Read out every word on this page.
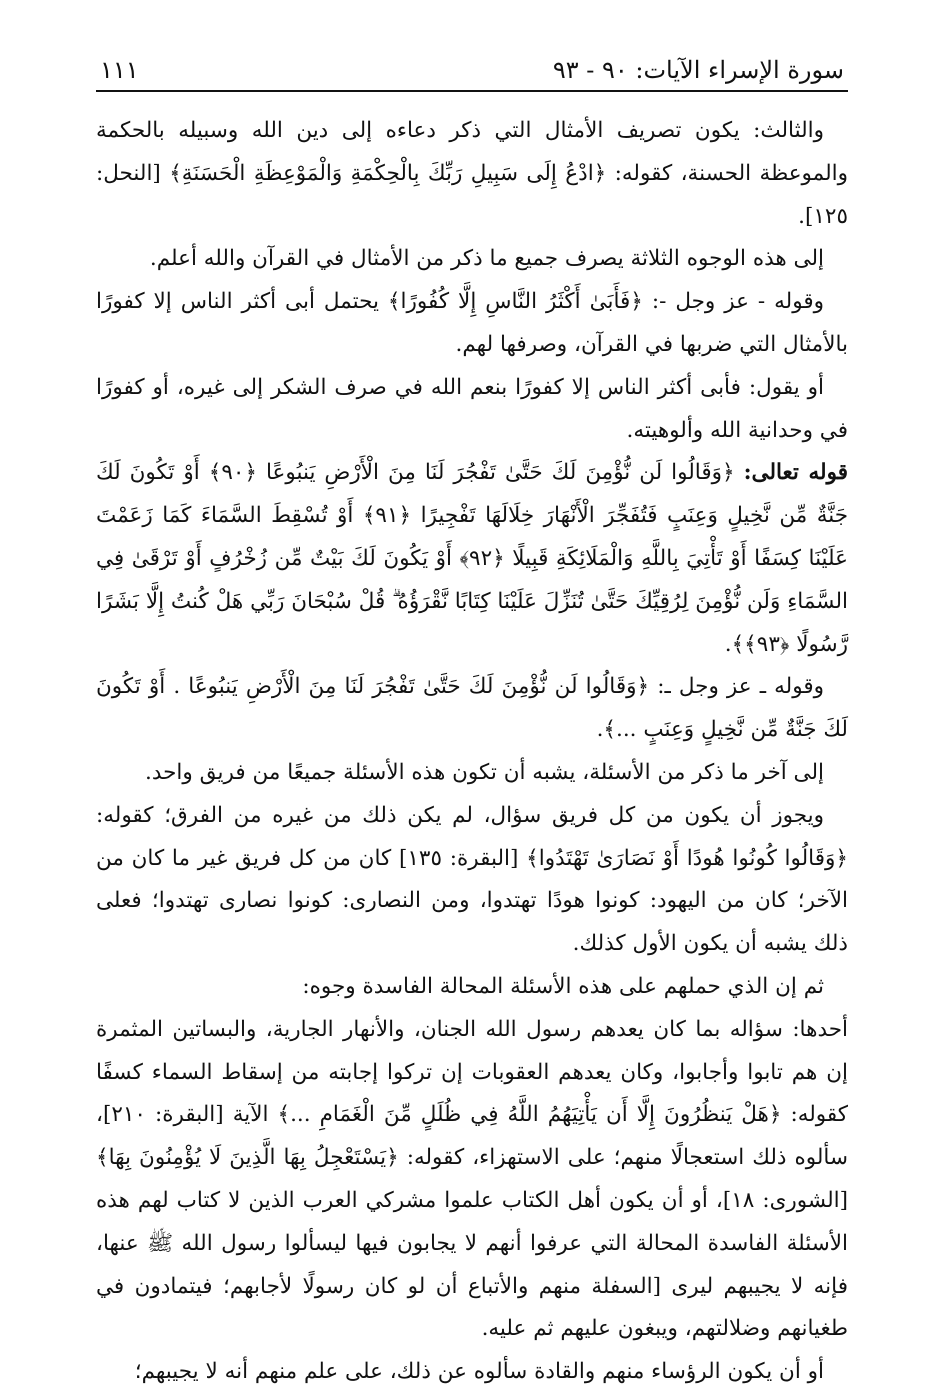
سورة الإسراء الآيات: ٩٠ - ٩٣
١١١

والثالث: يكون تصريف الأمثال التي ذكر دعاءه إلى دين الله وسبيله بالحكمة والموعظة الحسنة، كقوله: ﴿ادْعُ إِلَى سَبِيلِ رَبِّكَ بِالْحِكْمَةِ وَالْمَوْعِظَةِ الْحَسَنَةِ﴾ [النحل: ١٢٥].

إلى هذه الوجوه الثلاثة يصرف جميع ما ذكر من الأمثال في القرآن والله أعلم.

وقوله - عز وجل -: ﴿فَأَبَىٰ أَكْثَرُ النَّاسِ إِلَّا كُفُورًا﴾ يحتمل أبى أكثر الناس إلا كفورًا بالأمثال التي ضربها في القرآن، وصرفها لهم.

أو يقول: فأبى أكثر الناس إلا كفورًا بنعم الله في صرف الشكر إلى غيره، أو كفورًا في وحدانية الله وألوهيته.

قوله تعالى: ﴿وَقَالُوا لَن نُّؤْمِنَ لَكَ حَتَّىٰ تَفْجُرَ لَنَا مِنَ الْأَرْضِ يَنبُوعًا ﴿٩٠﴾ أَوْ تَكُونَ لَكَ جَنَّةٌ مِّن نَّخِيلٍ وَعِنَبٍ فَتُفَجِّرَ الْأَنْهَارَ خِلَالَهَا تَفْجِيرًا ﴿٩١﴾ أَوْ تُسْقِطَ السَّمَاءَ كَمَا زَعَمْتَ عَلَيْنَا كِسَفًا أَوْ تَأْتِيَ بِاللَّهِ وَالْمَلَائِكَةِ قَبِيلًا ﴿٩٢﴾ أَوْ يَكُونَ لَكَ بَيْتٌ مِّن زُخْرُفٍ أَوْ تَرْقَىٰ فِي السَّمَاءِ وَلَن نُّؤْمِنَ لِرُقِيِّكَ حَتَّىٰ تُنَزِّلَ عَلَيْنَا كِتَابًا نَّقْرَؤُهُ ۗ قُلْ سُبْحَانَ رَبِّي هَلْ كُنتُ إِلَّا بَشَرًا رَّسُولًا ﴿٩٣﴾﴾.

وقوله ـ عز وجل ـ: ﴿وَقَالُوا لَن نُّؤْمِنَ لَكَ حَتَّىٰ تَفْجُرَ لَنَا مِنَ الْأَرْضِ يَنبُوعًا . أَوْ تَكُونَ لَكَ جَنَّةٌ مِّن نَّخِيلٍ وَعِنَبٍ ...﴾.

إلى آخر ما ذكر من الأسئلة، يشبه أن تكون هذه الأسئلة جميعًا من فريق واحد.

ويجوز أن يكون من كل فريق سؤال، لم يكن ذلك من غيره من الفرق؛ كقوله: ﴿وَقَالُوا كُونُوا هُودًا أَوْ نَصَارَىٰ تَهْتَدُوا﴾ [البقرة: ١٣٥] كان من كل فريق غير ما كان من الآخر؛ كان من اليهود: كونوا هودًا تهتدوا، ومن النصارى: كونوا نصارى تهتدوا؛ فعلى ذلك يشبه أن يكون الأول كذلك.

ثم إن الذي حملهم على هذه الأسئلة المحالة الفاسدة وجوه:

أحدها: سؤاله بما كان يعدهم رسول الله الجنان، والأنهار الجارية، والبساتين المثمرة إن هم تابوا وأجابوا، وكان يعدهم العقوبات إن تركوا إجابته من إسقاط السماء كسفًا كقوله: ﴿هَلْ يَنظُرُونَ إِلَّا أَن يَأْتِيَهُمُ اللَّهُ فِي ظُلَلٍ مِّنَ الْغَمَامِ ...﴾ الآية [البقرة: ٢١٠]، سألوه ذلك استعجالًا منهم؛ على الاستهزاء، كقوله: ﴿يَسْتَعْجِلُ بِهَا الَّذِينَ لَا يُؤْمِنُونَ بِهَا﴾ [الشورى: ١٨]، أو أن يكون أهل الكتاب علموا مشركي العرب الذين لا كتاب لهم هذه الأسئلة الفاسدة المحالة التي عرفوا أنهم لا يجابون فيها ليسألوا رسول الله ﷺ عنها، فإنه لا يجيبهم ليرى [السفلة منهم والأتباع أن لو كان رسولًا لأجابهم؛ فيتمادون في طغيانهم وضلالتهم، ويبغون عليهم ثم عليه.

أو أن يكون الرؤساء منهم والقادة سألوه عن ذلك، على علم منهم أنه لا يجيبهم؛
